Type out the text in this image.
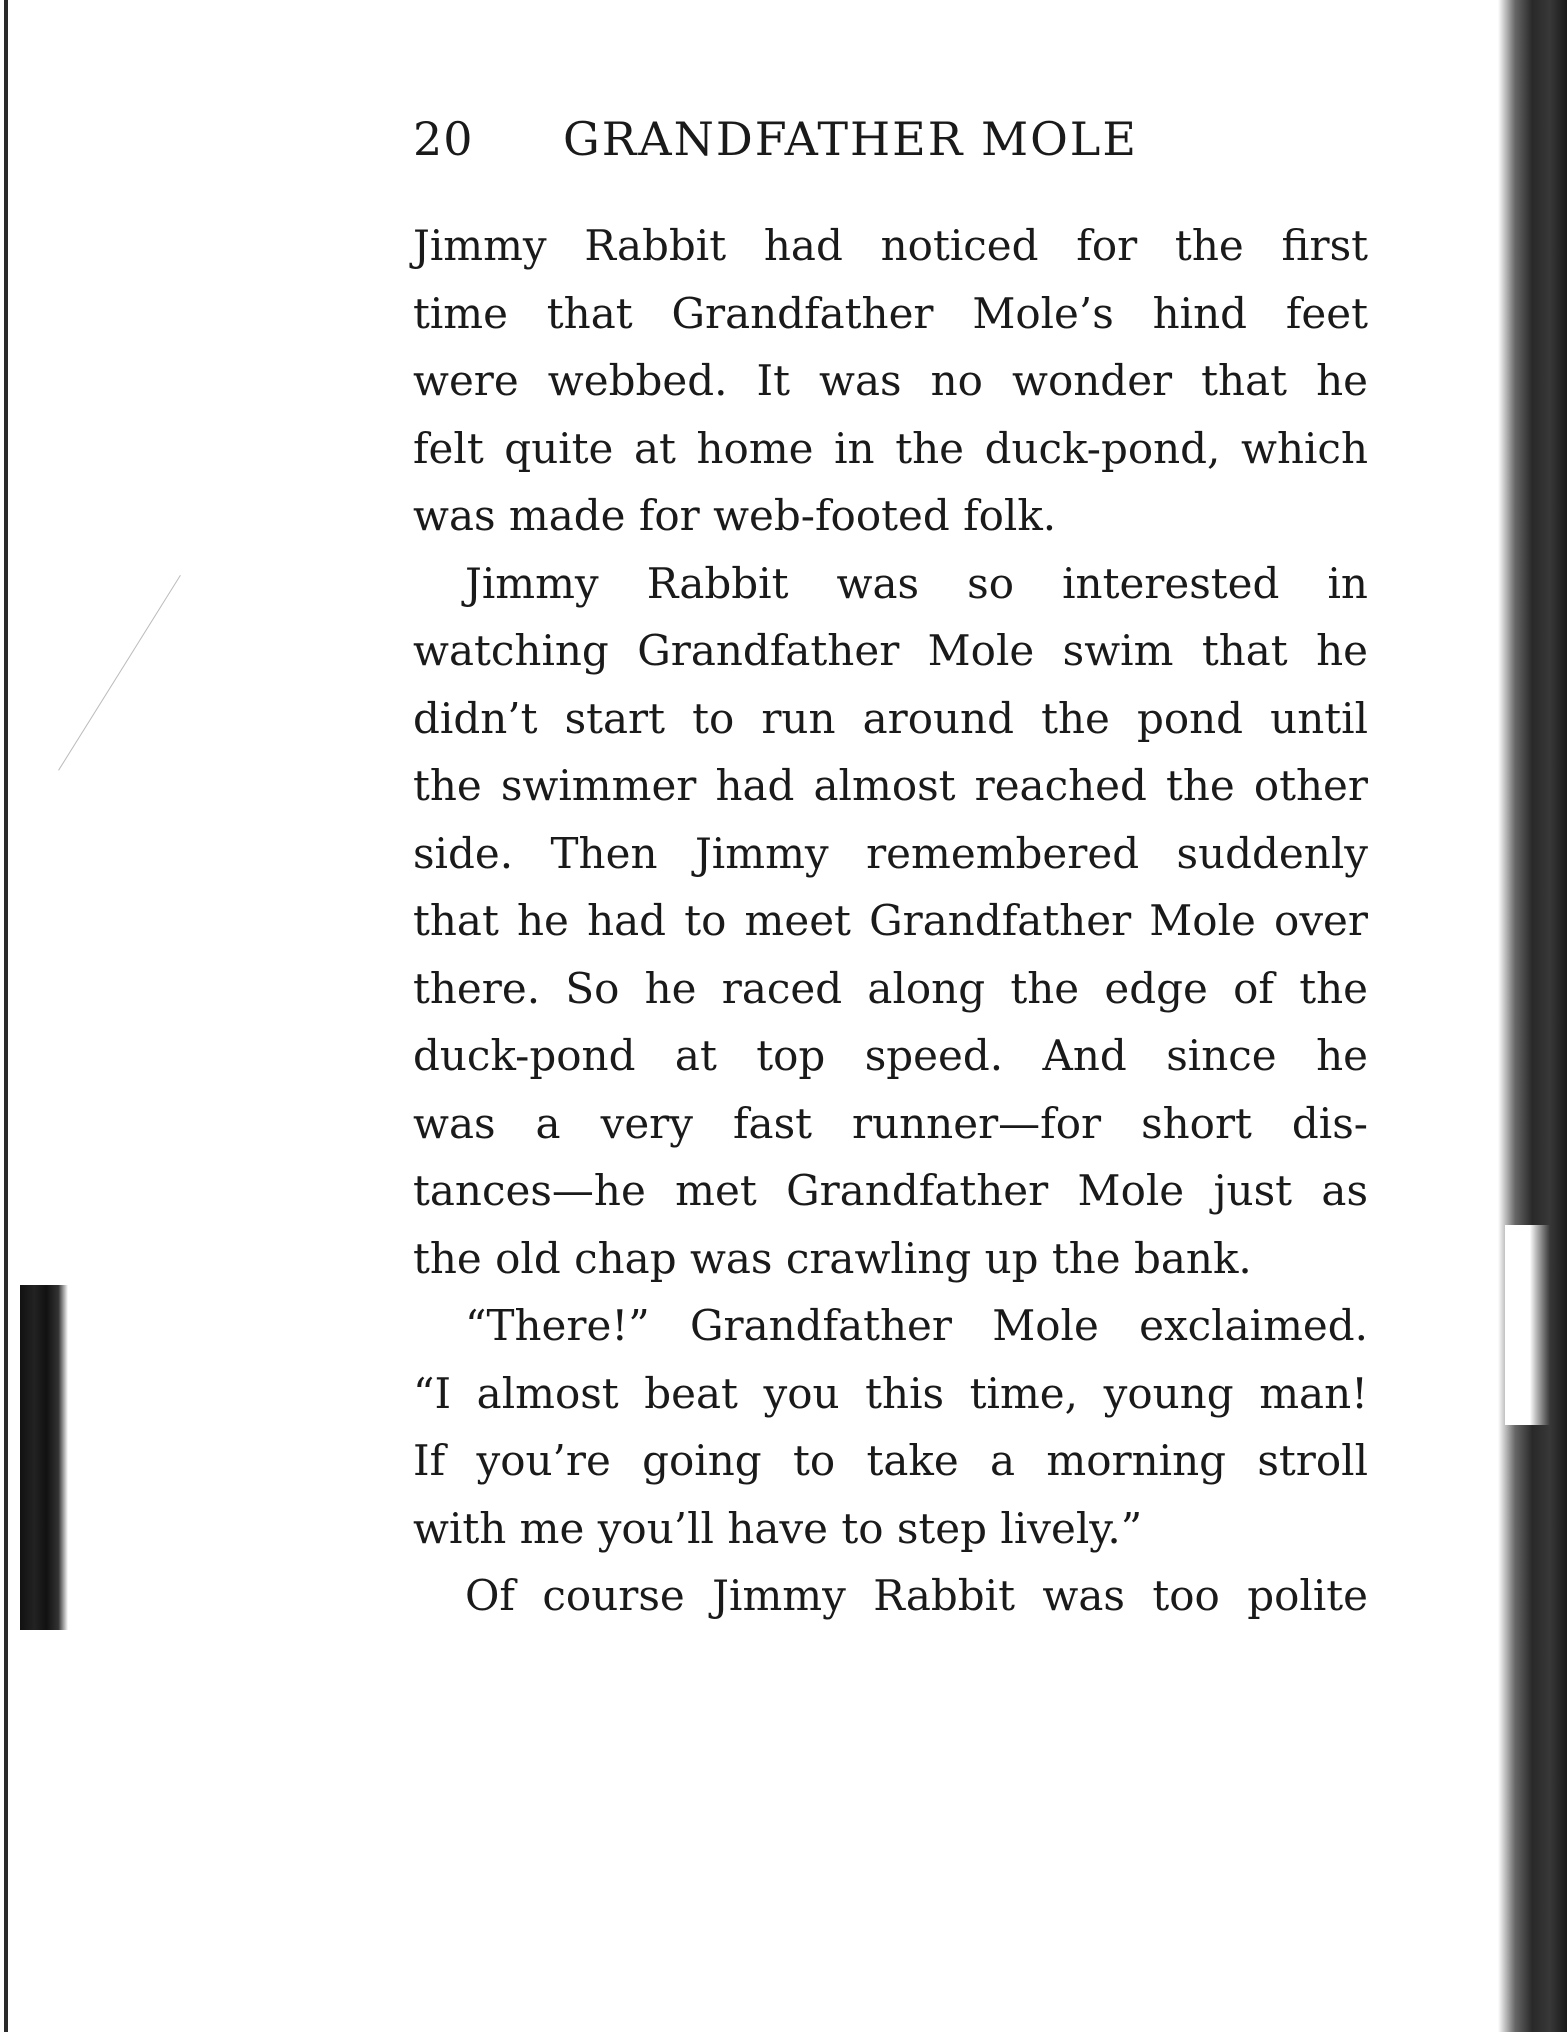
20	GRANDFATHER MOLE
Jimmy Rabbit had noticed for the first
time that Grandfather Mole’s hind feet
were webbed. It was no wonder that he
felt quite at home in the duck-pond, which
was made for web-footed folk.
Jimmy Rabbit was so interested in
watching Grandfather Mole swim that he
didn’t start to run around the pond until
the swimmer had almost reached the other
side. Then Jimmy remembered suddenly
that he had to meet Grandfather Mole over
there. So he raced along the edge of the
duck-pond at top speed. And since he
was a very fast runner—for short dis-
tances—he met Grandfather Mole just as
the old chap was crawling up the bank.
“There!” Grandfather Mole exclaimed.
“I almost beat you this time, young man!
If you’re going to take a morning stroll
with me you’ll have to step lively.”
Of course Jimmy Rabbit was too polite
